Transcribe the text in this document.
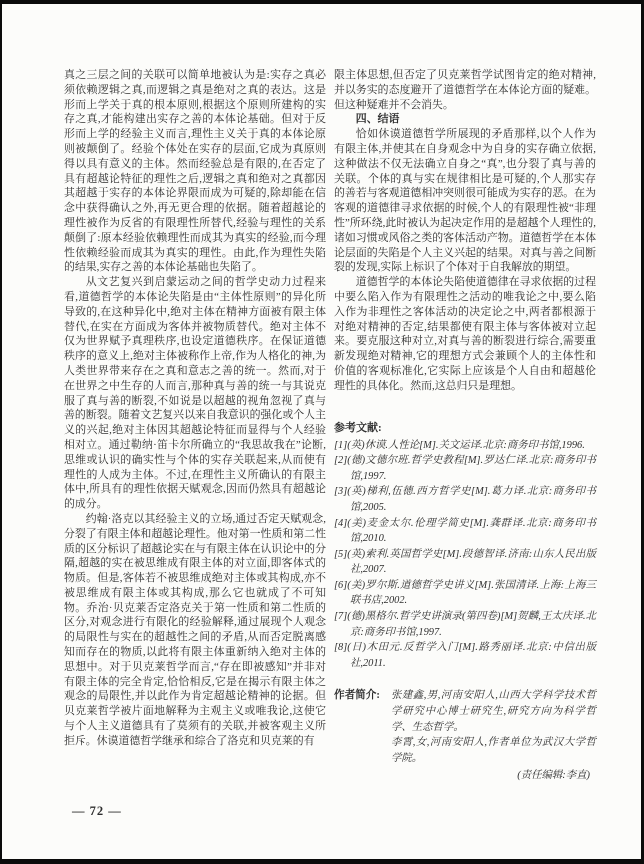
真之三层之间的关联可以简单地被认为是:实存之真必须依赖逻辑之真,而逻辑之真是绝对之真的表达。这是形而上学关于真的根本原则,根据这个原则所建构的实存之真,才能构建出实存之善的本体论基础。但对于反形而上学的经验主义而言,理性主义关于真的本体论原则被颠倒了。经验个体处在实存的层面,它成为真原则得以具有意义的主体。然而经验总是有限的,在否定了具有超越论特征的理性之后,逻辑之真和绝对之真都因其超越于实存的本体论界限而成为可疑的,除却能在信念中获得确认之外,再无更合理的依据。随着超越论的理性被作为反省的有限理性所替代,经验与理性的关系颠倒了:原本经验依赖理性而成其为真实的经验,而今理性依赖经验而成其为真实的理性。由此,作为理性失陷的结果,实存之善的本体论基础也失陷了。

从文艺复兴到启蒙运动之间的哲学史动力过程来看,道德哲学的本体论失陷是由“主体性原则”的异化所导致的,在这种异化中,绝对主体在精神方面被有限主体替代,在实在方面成为客体并被物质替代。绝对主体不仅为世界赋予真理秩序,也设定道德秩序。在保证道德秩序的意义上,绝对主体被称作上帝,作为人格化的神,为人类世界带来存在之真和意志之善的统一。然而,对于在世界之中生存的人而言,那种真与善的统一与其说克服了真与善的断裂,不如说是以超越的视角忽视了真与善的断裂。随着文艺复兴以来自我意识的强化或个人主义的兴起,绝对主体因其超越论特征而显得与个人经验相对立。通过勒纳·笛卡尔所确立的“我思故我在”论断,思维或认识的确实性与个体的实存关联起来,从而使有理性的人成为主体。不过,在理性主义所确认的有限主体中,所具有的理性依据天赋观念,因而仍然具有超越论的成分。

约翰·洛克以其经验主义的立场,通过否定天赋观念,分裂了有限主体和超越论理性。他对第一性质和第二性质的区分标识了超越论实在与有限主体在认识论中的分隔,超越的实在被思维成有限主体的对立面,即客体式的物质。但是,客体若不被思维成绝对主体或其构成,亦不被思维成有限主体或其构成,那么它也就成了不可知物。乔治·贝克莱否定洛克关于第一性质和第二性质的区分,对观念进行有限化的经验解释,通过展现个人观念的局限性与实在的超越性之间的矛盾,从而否定脱离感知而存在的物质,以此将有限主体重新纳入绝对主体的思想中。对于贝克莱哲学而言,“存在即被感知”并非对有限主体的完全肯定,恰恰相反,它是在揭示有限主体之观念的局限性,并以此作为肯定超越论精神的论据。但贝克莱哲学被片面地解释为主观主义或唯我论,这使它与个人主义道德具有了莫须有的关联,并被客观主义所拒斥。休谟道德哲学继承和综合了洛克和贝克莱的有

限主体思想,但否定了贝克莱哲学试图肯定的绝对精神,并以务实的态度避开了道德哲学在本体论方面的疑难。但这种疑难并不会消失。

四、结语

恰如休谟道德哲学所展现的矛盾那样,以个人作为有限主体,并使其在自身观念中为自身的实存确立依据,这种做法不仅无法确立自身之“真”,也分裂了真与善的关联。个体的真与实在规律相比是可疑的,个人那实存的善若与客观道德相冲突则很可能成为实存的恶。在为客观的道德律寻求依据的时候,个人的有限理性被“非理性”所环绕,此时被认为起决定作用的是超越个人理性的,诸如习惯或风俗之类的客体活动产物。道德哲学在本体论层面的失陷是个人主义兴起的结果。对真与善之间断裂的发现,实际上标识了个体对于自我解放的期望。

道德哲学的本体论失陷使道德律在寻求依据的过程中要么陷入作为有限理性之活动的唯我论之中,要么陷入作为非理性之客体活动的决定论之中,两者都根源于对绝对精神的否定,结果都使有限主体与客体被对立起来。要克服这种对立,对真与善的断裂进行综合,需要重新发现绝对精神,它的理想方式会兼顾个人的主体性和价值的客观标准化,它实际上应该是个人自由和超越伦理性的具体化。然而,这总归只是理想。

参考文献:

[1](英)休谟.人性论[M].关文运译.北京:商务印书馆,1996.

[2](德)文德尔班.哲学史教程[M].罗达仁译.北京:商务印书馆,1997.

[3](英)梯利,伍德.西方哲学史[M].葛力译.北京:商务印书馆,2005.

[4](美)麦金太尔.伦理学简史[M].龚群译.北京:商务印书馆,2010.

[5](英)索利.英国哲学史[M].段德智译.济南:山东人民出版社,2007.

[6](美)罗尔斯.道德哲学史讲义[M].张国清译.上海:上海三联书店,2002.

[7](德)黑格尔.哲学史讲演录(第四卷)[M]贺麟,王太庆译.北京:商务印书馆,1997.

[8](日)木田元.反哲学入门[M].路秀丽译.北京:中信出版社,2011.

作者简介: 张建鑫,男,河南安阳人,山西大学科学技术哲学研究中心博士研究生,研究方向为科学哲学、生态哲学。

李霄,女,河南安阳人,作者单位为武汉大学哲学院。

(责任编辑:李直)

— 72 —
